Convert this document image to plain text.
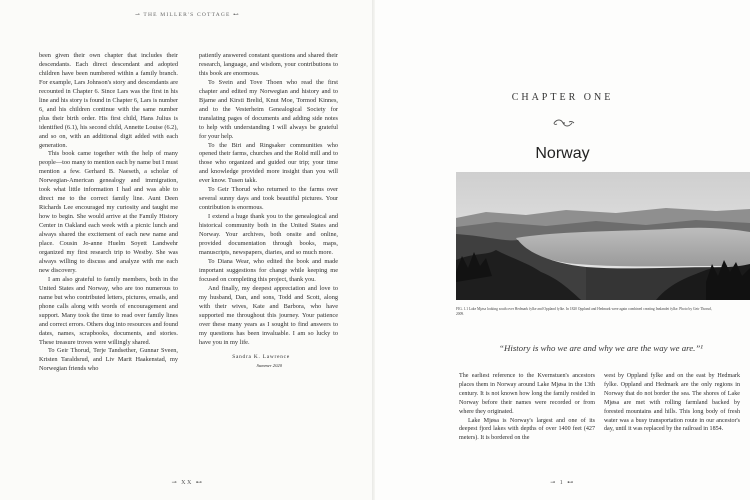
⊸ THE MILLER'S COTTAGE ⊷

been given their own chapter that includes their descendants. Each direct descendant and adopted children have been numbered within a family branch. For example, Lars Johnson's story and descendants are recounted in Chapter 6. Since Lars was the first in his line and his story is found in Chapter 6, Lars is number 6, and his children continue with the same number plus their birth order. His first child, Hans Julius is identified (6.1), his second child, Annette Louise (6.2), and so on, with an additional digit added with each generation.

This book came together with the help of many people—too many to mention each by name but I must mention a few. Gerhard B. Naeseth, a scholar of Norwegian-American genealogy and immigration, took what little information I had and was able to direct me to the correct family line. Aunt Deen Richards Lee encouraged my curiosity and taught me how to begin. She would arrive at the Family History Center in Oakland each week with a picnic lunch and always shared the excitement of each new name and place. Cousin Jo-anne Huelm Soyett Landwehr organized my first research trip to Westby. She was always willing to discuss and analyze with me each new discovery.

I am also grateful to family members, both in the United States and Norway, who are too numerous to name but who contributed letters, pictures, emails, and phone calls along with words of encouragement and support. Many took the time to read over family lines and correct errors. Others dug into resources and found dates, names, scrapbooks, documents, and stories. These treasure troves were willingly shared.

To Geir Thorud, Terje Tandsether, Gunnar Sveen, Kristen Taraldsrud, and Liv Marit Haakenstad, my Norwegian friends who

patiently answered constant questions and shared their research, language, and wisdom, your contributions to this book are enormous.

To Svein and Tove Thoen who read the first chapter and edited my Norwegian and history and to Bjarne and Kirsti Brelid, Knut Moe, Tormod Kinnes, and to the Vesterheim Genealogical Society for translating pages of documents and adding side notes to help with understanding I will always be grateful for your help.

To the Biri and Ringsaker communities who opened their farms, churches and the Rolid mill and to those who organized and guided our trip; your time and knowledge provided more insight than you will ever know. Tusen takk.

To Geir Thorud who returned to the farms over several sunny days and took beautiful pictures. Your contribution is enormous.

I extend a huge thank you to the genealogical and historical community both in the United States and Norway. Your archives, both onsite and online, provided documentation through books, maps, manuscripts, newspapers, diaries, and so much more.

To Diana Wear, who edited the book and made important suggestions for change while keeping me focused on completing this project, thank you.

And finally, my deepest appreciation and love to my husband, Dan, and sons, Todd and Scott, along with their wives, Kate and Barbora, who have supported me throughout this journey. Your patience over these many years as I sought to find answers to my questions has been invaluable. I am so lucky to have you in my life.

Sandra K. Lawrence
Summer 2020
⊸ XX ⊷
CHAPTER ONE
Norway
FIG. 1.1 Lake Mjøsa looking south over Hedmark fylke and Oppland fylke. In 1820 Oppland and Hedmark were again combined creating Innlandet fylke. Photo by Geir Thorud, 2009.
“History is who we are and why we are the way we are.”¹

The earliest reference to the Kvernstuen's ancestors places them in Norway around Lake Mjøsa in the 13th century. It is not known how long the family resided in Norway before their names were recorded or from where they originated.

Lake Mjøsa is Norway's largest and one of its deepest fjord lakes with depths of over 1400 feet (427 meters). It is bordered on the

west by Oppland fylke and on the east by Hedmark fylke. Oppland and Hedmark are the only regions in Norway that do not border the sea. The shores of Lake Mjøsa are met with rolling farmland backed by forested mountains and hills. This long body of fresh water was a busy transportation route in our ancestor's day, until it was replaced by the railroad in 1854.

⊸ 1 ⊷
